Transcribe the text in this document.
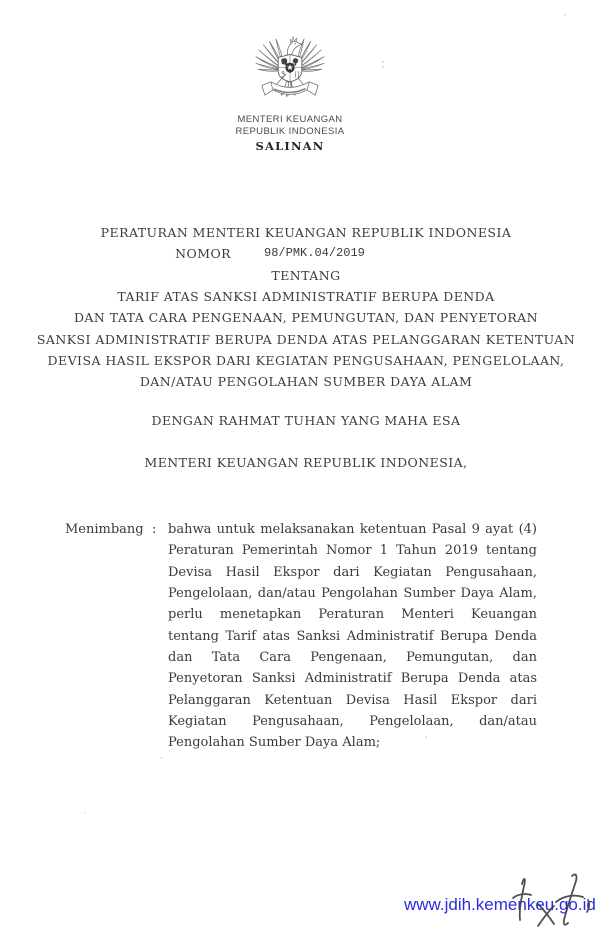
MENTERI KEUANGAN
REPUBLIK INDONESIA
SALINAN
PERATURAN MENTERI KEUANGAN REPUBLIK INDONESIA
NOMOR	98/PMK.04/2019
TENTANG
TARIF ATAS SANKSI ADMINISTRATIF BERUPA DENDA
DAN TATA CARA PENGENAAN, PEMUNGUTAN, DAN PENYETORAN
SANKSI ADMINISTRATIF BERUPA DENDA ATAS PELANGGARAN KETENTUAN
DEVISA HASIL EKSPOR DARI KEGIATAN PENGUSAHAAN, PENGELOLAAN,
DAN/ATAU PENGOLAHAN SUMBER DAYA ALAM
DENGAN RAHMAT TUHAN YANG MAHA ESA
MENTERI KEUANGAN REPUBLIK INDONESIA,
Menimbang : bahwa untuk melaksanakan ketentuan Pasal 9 ayat (4) Peraturan Pemerintah Nomor 1 Tahun 2019 tentang Devisa Hasil Ekspor dari Kegiatan Pengusahaan, Pengelolaan, dan/atau Pengolahan Sumber Daya Alam, perlu menetapkan Peraturan Menteri Keuangan tentang Tarif atas Sanksi Administratif Berupa Denda dan Tata Cara Pengenaan, Pemungutan, dan Penyetoran Sanksi Administratif Berupa Denda atas Pelanggaran Ketentuan Devisa Hasil Ekspor dari Kegiatan Pengusahaan, Pengelolaan, dan/atau Pengolahan Sumber Daya Alam;
www.jdih.kemenkeu.go.id
